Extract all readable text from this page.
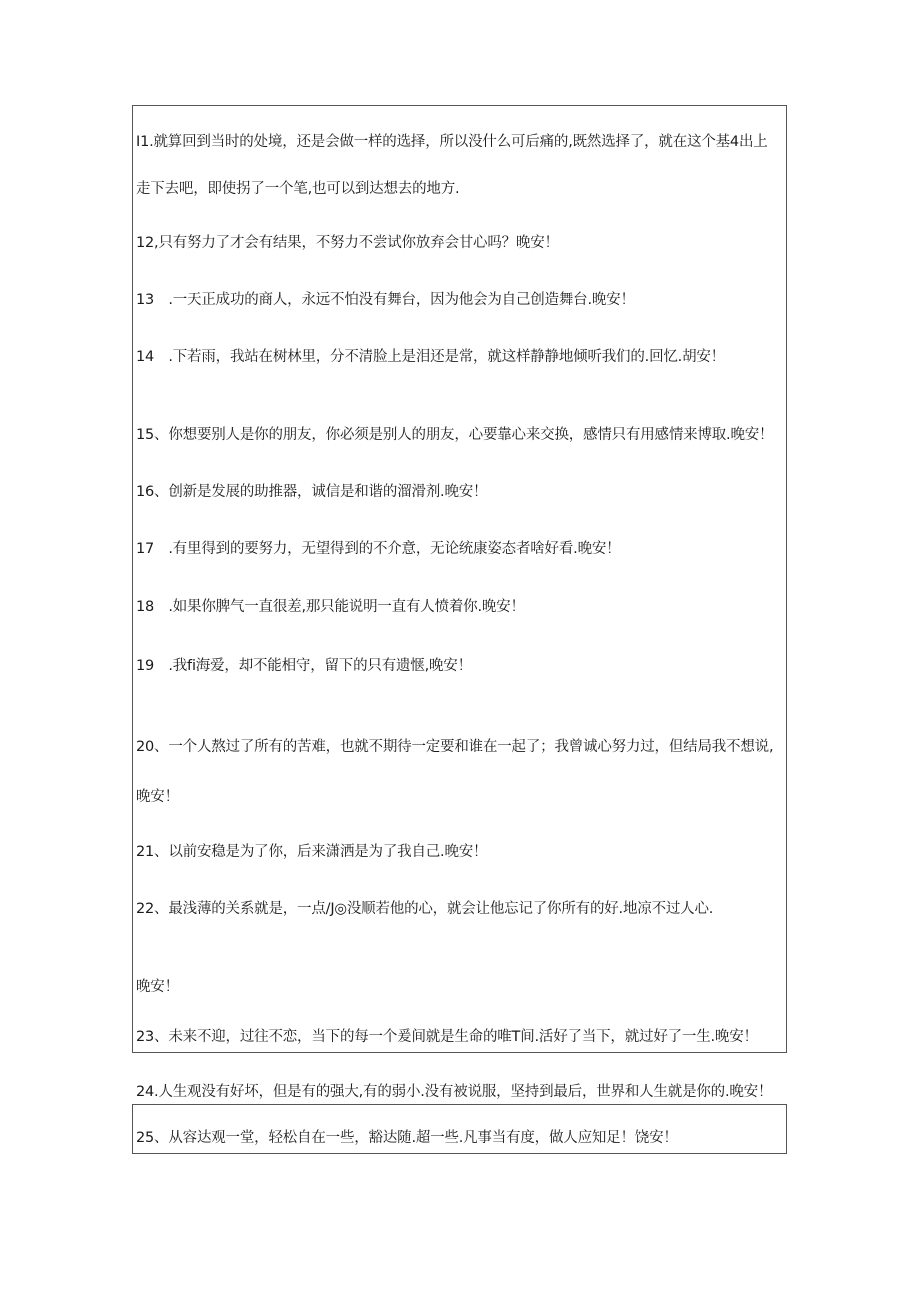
I1.就算回到当时的处境，还是会做一样的选择，所以没什么可后痛的,既然选择了，就在这个基4出上
走下去吧，即使拐了一个笔,也可以到达想去的地方.
12,只有努力了才会有结果，不努力不尝试你放弃会甘心吗？晚安！
13　.一天正成功的商人，永远不怕没有舞台，因为他会为自己创造舞台.晚安！
14　.下若雨，我站在树林里，分不清脸上是泪还是常，就这样静静地倾听我们的.回忆.胡安！
15、你想要别人是你的朋友，你必须是别人的朋友，心要靠心来交换，感情只有用感情来博取.晚安！
16、创新是发展的助推器，诚信是和谐的溜滑剂.晚安！
17　.有里得到的要努力，无望得到的不介意，无论统康姿态者啥好看.晚安！
18　.如果你脾气一直很差,那只能说明一直有人愤着你.晚安！
19　.我fi海爱，却不能相守，留下的只有遗惬,晚安！
20、一个人熬过了所有的苦难，也就不期待一定要和谁在一起了；我曾诚心努力过，但结局我不想说,
晚安！
21、以前安稳是为了你，后来潇洒是为了我自己.晚安！
22、最浅薄的关系就是，一点/J◎没顺若他的心，就会让他忘记了你所有的好.地凉不过人心.
晚安！
23、未来不迎，过往不恋，当下的每一个爰间就是生命的唯T间.活好了当下，就过好了一生.晚安！
24.人生观没有好坏，但是有的强大,有的弱小.没有被说服，坚持到最后，世界和人生就是你的.晚安！
25、从容达观一堂，轻松自在一些，豁达随.超一些.凡事当有度，做人应知足！饶安！
